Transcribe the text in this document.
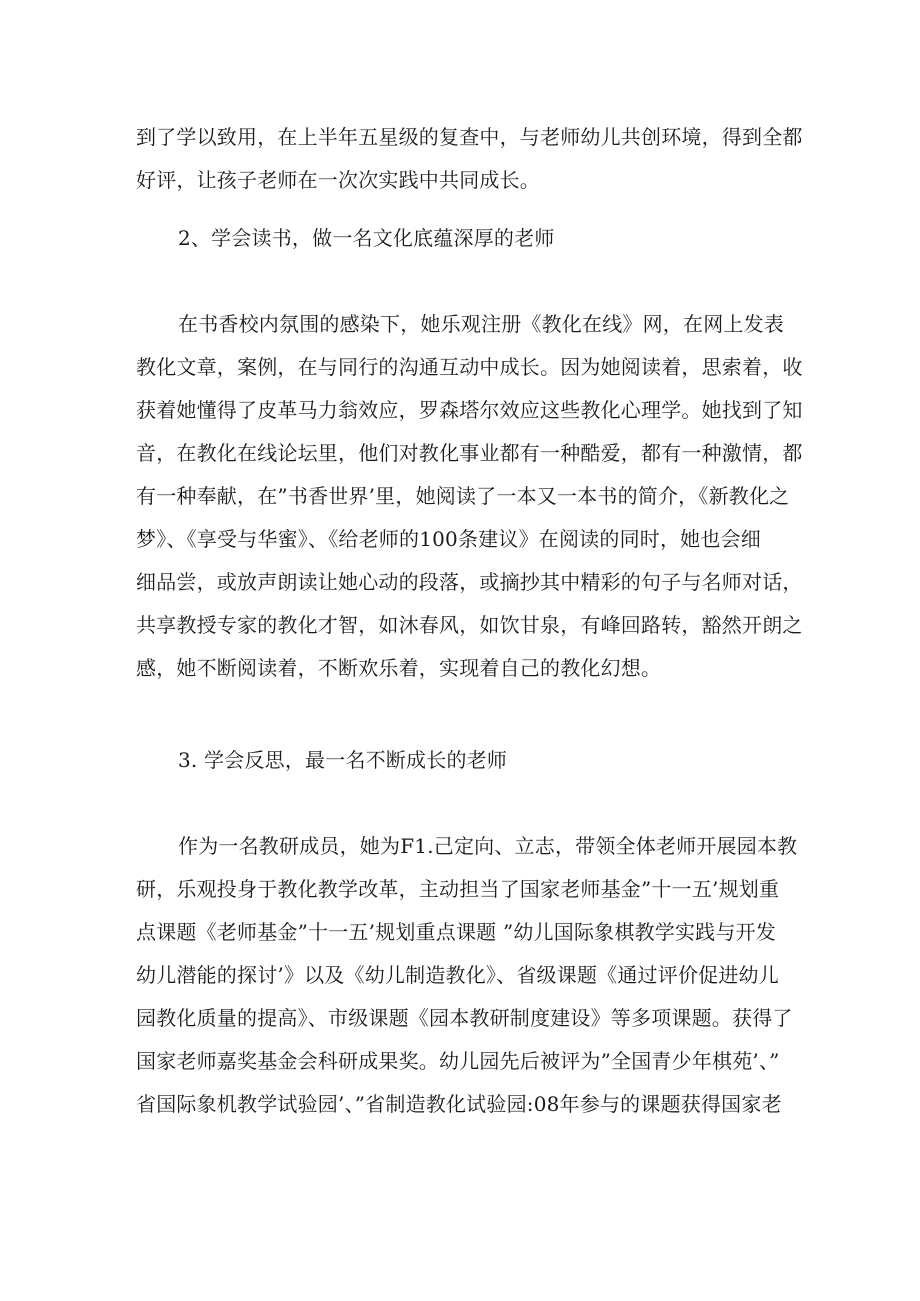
到了学以致用，在上半年五星级的复查中，与老师幼儿共创环境，得到全都
好评，让孩子老师在一次次实践中共同成长。
2、学会读书，做一名文化底蕴深厚的老师
在书香校内氛围的感染下，她乐观注册《教化在线》网，在网上发表
教化文章，案例，在与同行的沟通互动中成长。因为她阅读着，思索着，收
获着她懂得了皮革马力翁效应，罗森塔尔效应这些教化心理学。她找到了知
音，在教化在线论坛里，他们对教化事业都有一种酷爱，都有一种激情，都
有一种奉献，在”书香世界’里，她阅读了一本又一本书的简介，《新教化之
梦》、《享受与华蜜》、《给老师的100条建议》在阅读的同时，她也会细
细品尝，或放声朗读让她心动的段落，或摘抄其中精彩的句子与名师对话，
共享教授专家的教化才智，如沐春风，如饮甘泉，有峰回路转，豁然开朗之
感，她不断阅读着，不断欢乐着，实现着自己的教化幻想。
3. 学会反思，最一名不断成长的老师
作为一名教研成员，她为F1.己定向、立志，带领全体老师开展园本教
研，乐观投身于教化教学改革，主动担当了国家老师基金”十一五’规划重
点课题《老师基金”十一五’规划重点课题 ”幼儿国际象棋教学实践与开发
幼儿潜能的探讨’》以及《幼儿制造教化》、省级课题《通过评价促进幼儿
园教化质量的提高》、市级课题《园本教研制度建设》等多项课题。获得了
国家老师嘉奖基金会科研成果奖。幼儿园先后被评为”全国青少年棋苑’、”
省国际象机教学试验园’、”省制造教化试验园:08年参与的课题获得国家老
